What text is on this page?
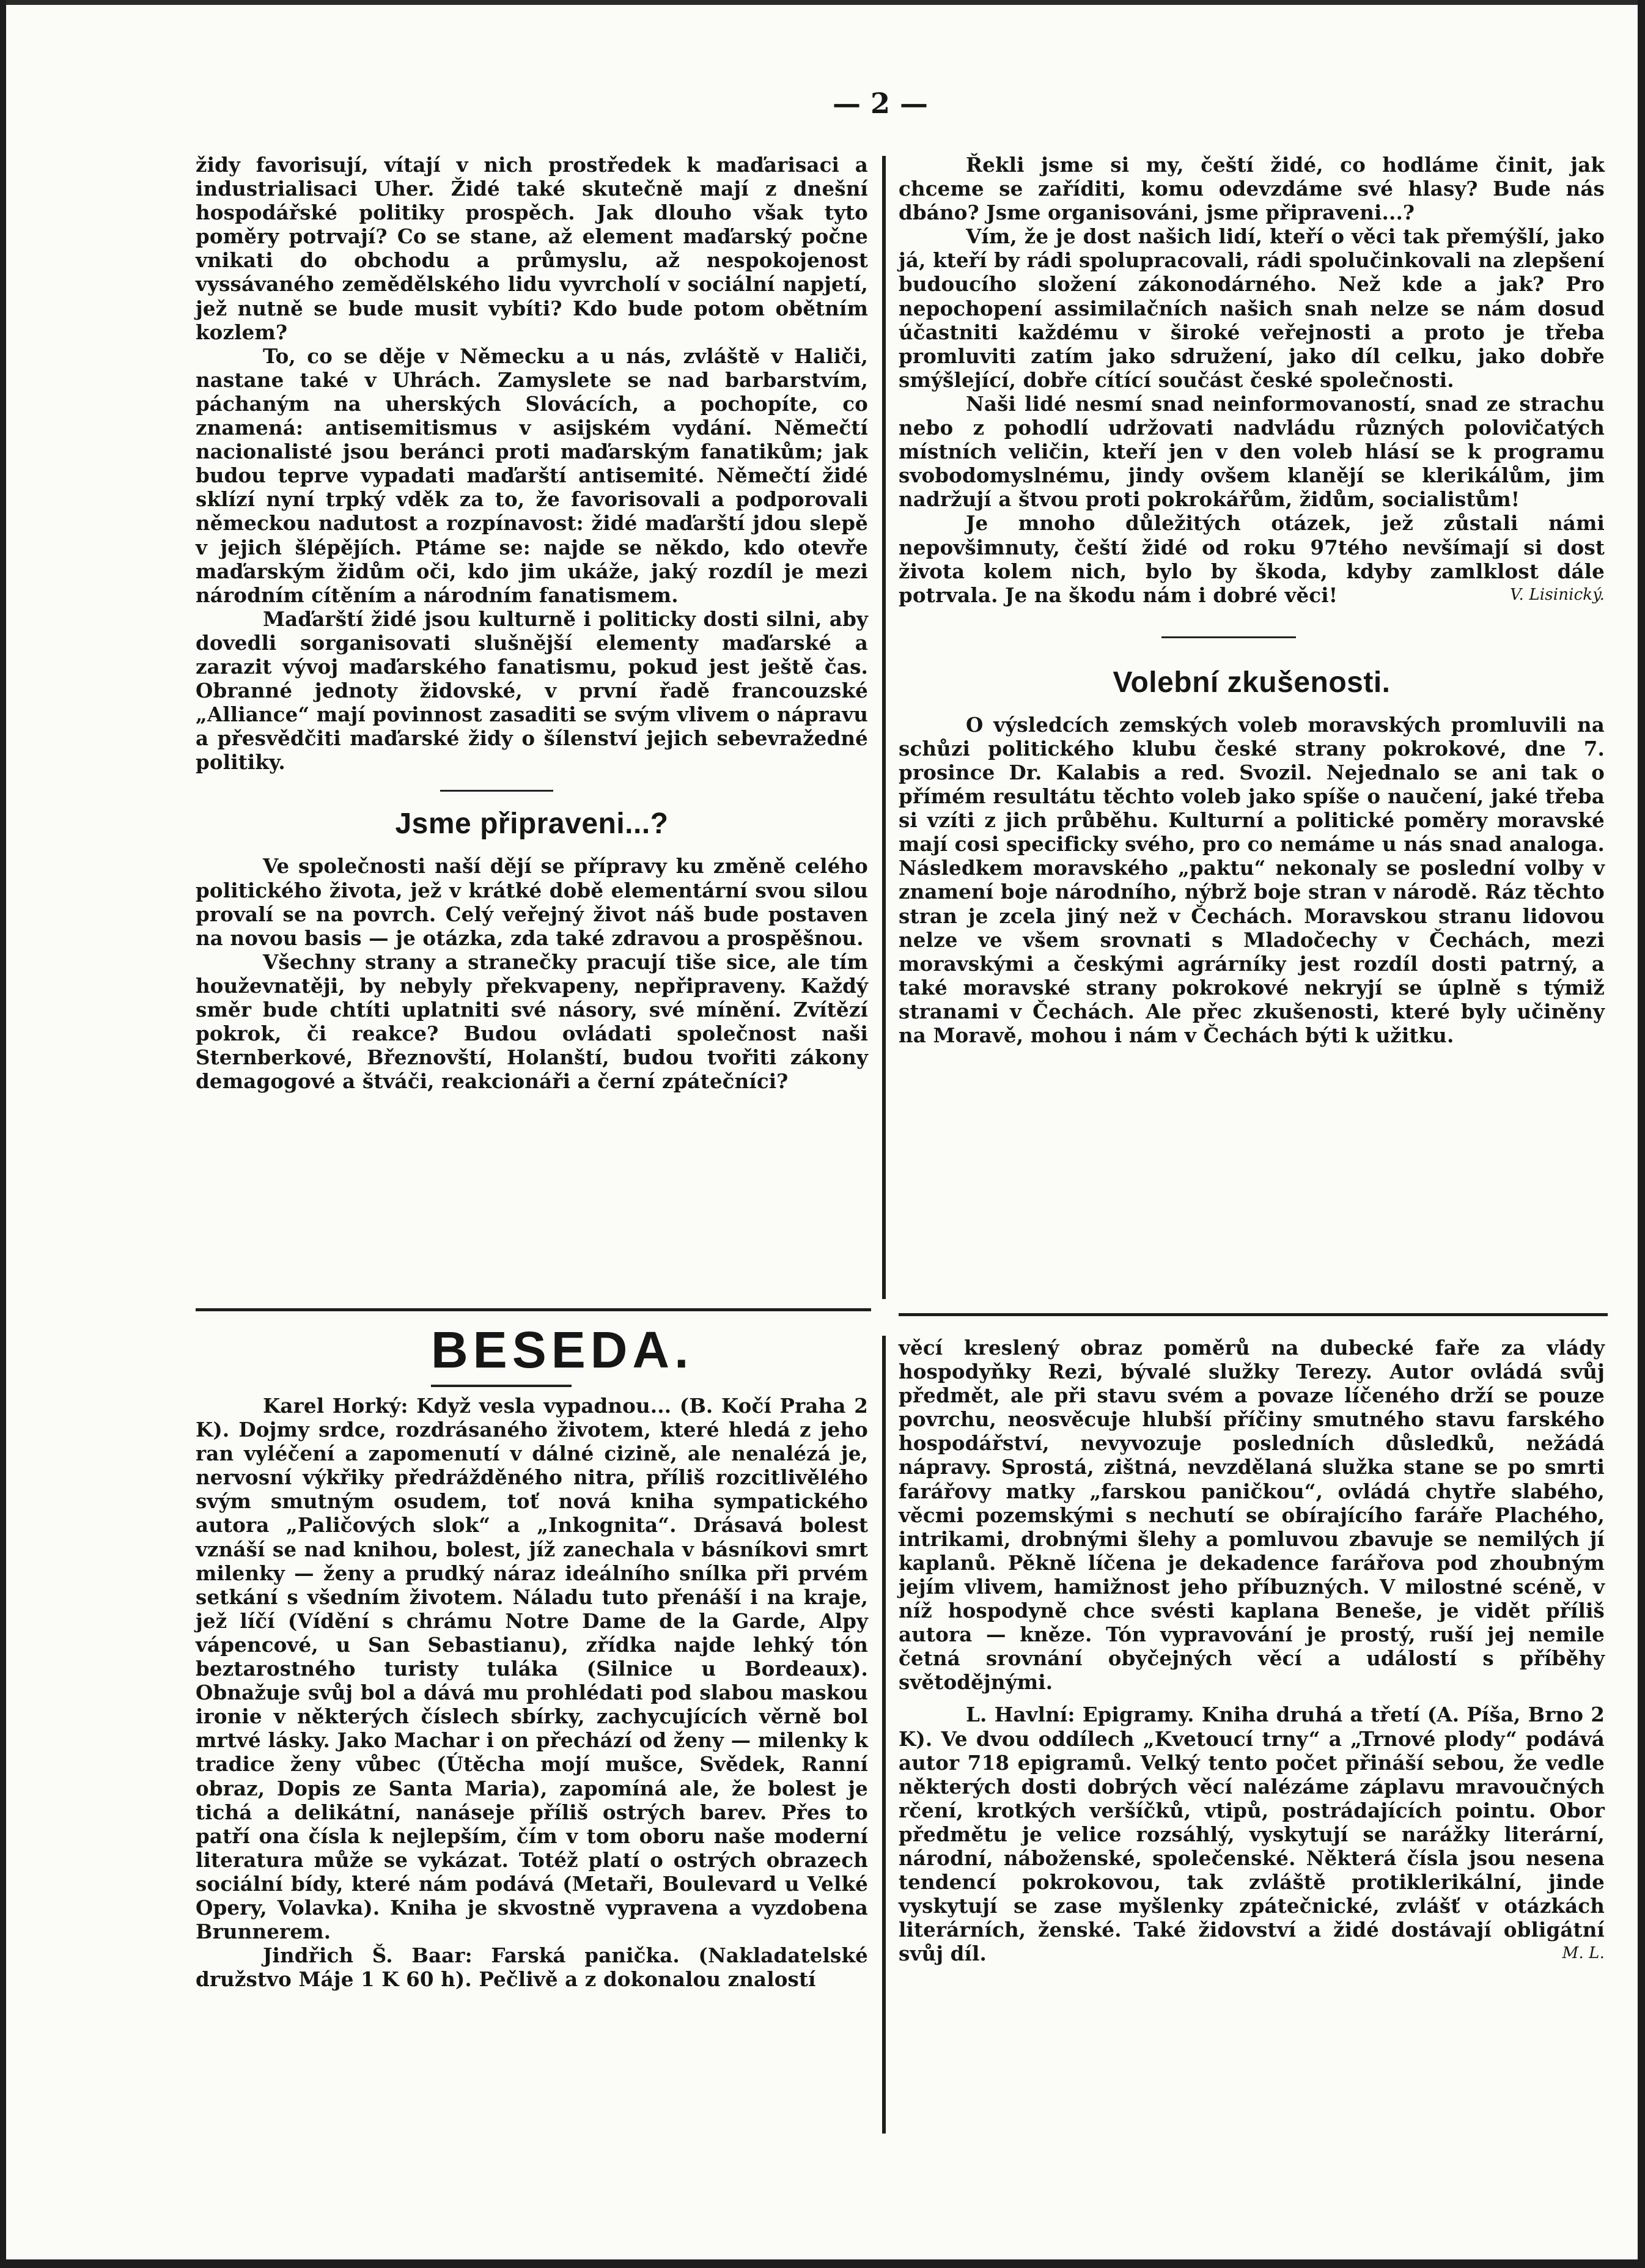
— 2 —

židy favorisují, vítají v nich prostředek k maďarisaci a industrialisaci Uher. Židé také skutečně mají z dnešní hospodářské politiky prospěch. Jak dlouho však tyto poměry potrvají? Co se stane, až element maďarský počne vnikati do obchodu a průmyslu, až nespokojenost vyssávaného zemědělského lidu vyvrcholí v sociální napjetí, jež nutně se bude musit vybíti? Kdo bude potom obětním kozlem?

To, co se děje v Německu a u nás, zvláště v Haliči, nastane také v Uhrách. Zamyslete se nad barbarstvím, páchaným na uherských Slovácích, a pochopíte, co znamená: antisemitismus v asijském vydání. Němečtí nacionalisté jsou beránci proti maďarským fanatikům; jak budou teprve vypadati maďarští antisemité. Němečtí židé sklízí nyní trpký vděk za to, že favorisovali a podporovali německou nadutost a rozpínavost: židé maďarští jdou slepě v jejich šlépějích. Ptáme se: najde se někdo, kdo otevře maďarským židům oči, kdo jim ukáže, jaký rozdíl je mezi národním cítěním a národním fanatismem.

Maďarští židé jsou kulturně i politicky dosti silni, aby dovedli sorganisovati slušnější elementy maďarské a zarazit vývoj maďarského fanatismu, pokud jest ještě čas. Obranné jednoty židovské, v první řadě francouzské „Alliance“ mají povinnost zasaditi se svým vlivem o nápravu a přesvědčiti maďarské židy o šílenství jejich sebevražedné politiky.

Jsme připraveni...?

Ve společnosti naší dějí se přípravy ku změně celého politického života, jež v krátké době elementární svou silou provalí se na povrch. Celý veřejný život náš bude postaven na novou basis — je otázka, zda také zdravou a prospěšnou.

Všechny strany a stranečky pracují tiše sice, ale tím houževnatěji, by nebyly překvapeny, nepřipraveny. Každý směr bude chtíti uplatniti své násory, své mínění. Zvítězí pokrok, či reakce? Budou ovládati společnost naši Sternberkové, Březnovští, Holanští, budou tvořiti zákony demagogové a štváči, reakcionáři a černí zpátečníci?

Řekli jsme si my, čeští židé, co hodláme činit, jak chceme se zaříditi, komu odevzdáme své hlasy? Bude nás dbáno? Jsme organisováni, jsme připraveni...?

Vím, že je dost našich lidí, kteří o věci tak přemýšlí, jako já, kteří by rádi spolupracovali, rádi spolučinkovali na zlepšení budoucího složení zákonodárného. Než kde a jak? Pro nepochopení assimilačních našich snah nelze se nám dosud účastniti každému v široké veřejnosti a proto je třeba promluviti zatím jako sdružení, jako díl celku, jako dobře smýšlející, dobře cítící součást české společnosti.

Naši lidé nesmí snad neinformovaností, snad ze strachu nebo z pohodlí udržovati nadvládu různých polovičatých místních veličin, kteří jen v den voleb hlásí se k programu svobodomyslnému, jindy ovšem klanějí se klerikálům, jim nadržují a štvou proti pokrokářům, židům, socialistům!

Je mnoho důležitých otázek, jež zůstali námi nepovšimnuty, čeští židé od roku 97tého nevšímají si dost života kolem nich, bylo by škoda, kdyby zamlklost dále potrvala. Je na škodu nám i dobré věci!	V. Lisinický.

Volební zkušenosti.

O výsledcích zemských voleb moravských promluvili na schůzi politického klubu české strany pokrokové, dne 7. prosince Dr. Kalabis a red. Svozil. Nejednalo se ani tak o přímém resultátu těchto voleb jako spíše o naučení, jaké třeba si vzíti z jich průběhu. Kulturní a politické poměry moravské mají cosi specificky svého, pro co nemáme u nás snad analoga. Následkem moravského „paktu“ nekonaly se poslední volby v znamení boje národního, nýbrž boje stran v národě. Ráz těchto stran je zcela jiný než v Čechách. Moravskou stranu lidovou nelze ve všem srovnati s Mladočechy v Čechách, mezi moravskými a českými agrárníky jest rozdíl dosti patrný, a také moravské strany pokrokové nekryjí se úplně s týmiž stranami v Čechách. Ale přec zkušenosti, které byly učiněny na Moravě, mohou i nám v Čechách býti k užitku.

BESEDA.

Karel Horký: Když vesla vypadnou... (B. Kočí Praha 2 K). Dojmy srdce, rozdrásaného životem, které hledá z jeho ran vyléčení a zapomenutí v dálné cizině, ale nenalézá je, nervosní výkřiky předrážděného nitra, příliš rozcitlivělého svým smutným osudem, toť nová kniha sympatického autora „Paličových slok“ a „Inkognita“. Drásavá bolest vznáší se nad knihou, bolest, jíž zanechala v básníkovi smrt milenky — ženy a prudký náraz ideálního snílka při prvém setkání s všedním životem. Náladu tuto přenáší i na kraje, jež líčí (Vídění s chrámu Notre Dame de la Garde, Alpy vápencové, u San Sebastianu), zřídka najde lehký tón beztarostného turisty tuláka (Silnice u Bordeaux). Obnažuje svůj bol a dává mu prohlédati pod slabou maskou ironie v některých číslech sbírky, zachycujících věrně bol mrtvé lásky. Jako Machar i on přechází od ženy — milenky k tradice ženy vůbec (Útěcha mojí mušce, Svědek, Ranní obraz, Dopis ze Santa Maria), zapomíná ale, že bolest je tichá a delikátní, nanáseje příliš ostrých barev. Přes to patří ona čísla k nejlepším, čím v tom oboru naše moderní literatura může se vykázat. Totéž platí o ostrých obrazech sociální bídy, které nám podává (Metaři, Boulevard u Velké Opery, Volavka). Kniha je skvostně vypravena a vyzdobena Brunnerem.

Jindřich Š. Baar: Farská panička. (Nakladatelské družstvo Máje 1 K 60 h). Pečlivě a z dokonalou znalostí

věcí kreslený obraz poměrů na dubecké faře za vlády hospodyňky Rezi, bývalé služky Terezy. Autor ovládá svůj předmět, ale při stavu svém a povaze líčeného drží se pouze povrchu, neosvěcuje hlubší příčiny smutného stavu farského hospodářství, nevyvozuje posledních důsledků, nežádá nápravy. Sprostá, zištná, nevzdělaná služka stane se po smrti farářovy matky „farskou paničkou“, ovládá chytře slabého, věcmi pozemskými s nechutí se obírajícího faráře Plachého, intrikami, drobnými šlehy a pomluvou zbavuje se nemilých jí kaplanů. Pěkně líčena je dekadence farářova pod zhoubným jejím vlivem, hamižnost jeho příbuzných. V milostné scéně, v níž hospodyně chce svésti kaplana Beneše, je vidět příliš autora — kněze. Tón vypravování je prostý, ruší jej nemile četná srovnání obyčejných věcí a událostí s příběhy světodějnými.

L. Havlní: Epigramy. Kniha druhá a třetí (A. Píša, Brno 2 K). Ve dvou oddílech „Kvetoucí trny“ a „Trnové plody“ podává autor 718 epigramů. Velký tento počet přináší sebou, že vedle některých dosti dobrých věcí nalézáme záplavu mravoučných rčení, krotkých veršíčků, vtipů, postrádajících pointu. Obor předmětu je velice rozsáhlý, vyskytují se narážky literární, národní, náboženské, společenské. Některá čísla jsou nesena tendencí pokrokovou, tak zvláště protiklerikální, jinde vyskytují se zase myšlenky zpátečnické, zvlášť v otázkách literárních, ženské. Také židovství a židé dostávají obligátní svůj díl.	M. L.
